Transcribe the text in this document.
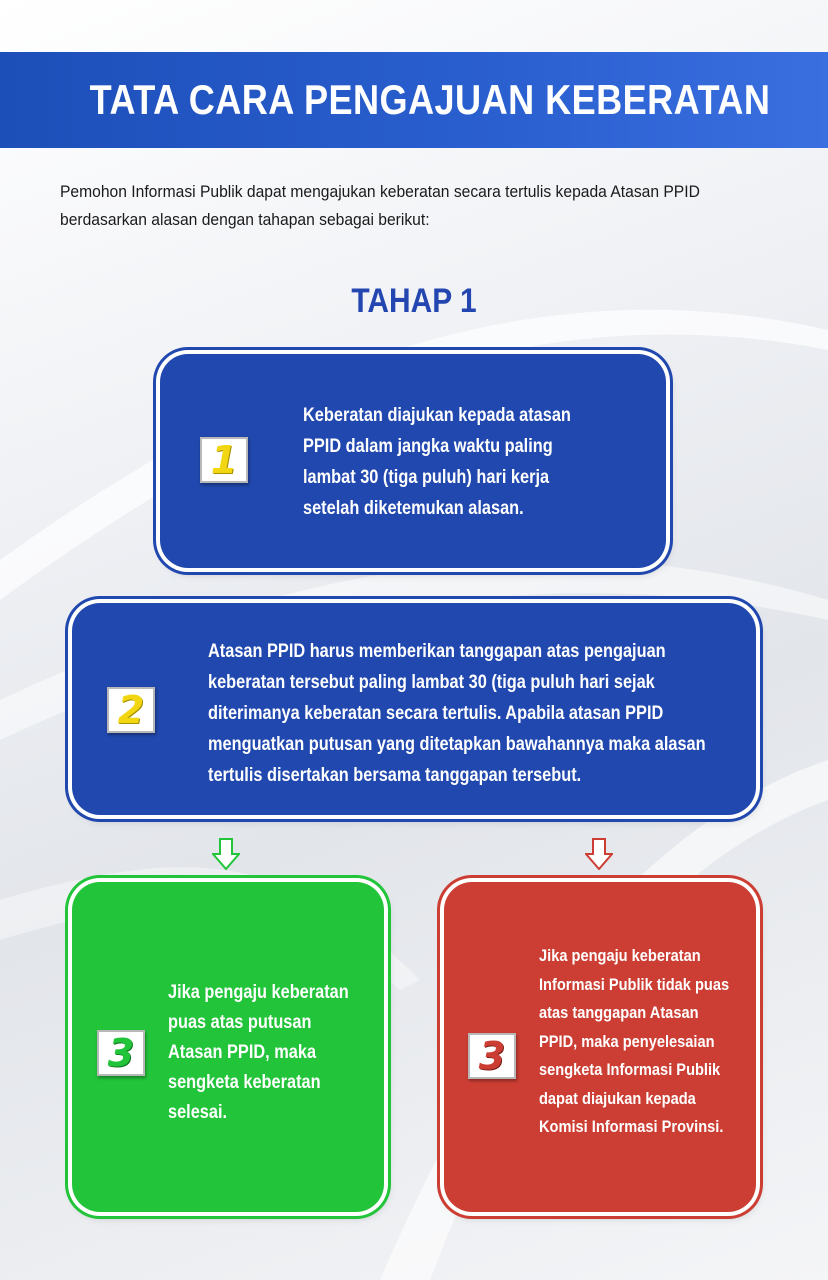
TATA CARA PENGAJUAN KEBERATAN
Pemohon Informasi Publik dapat mengajukan keberatan secara tertulis kepada Atasan PPID berdasarkan alasan dengan tahapan sebagai berikut:
TAHAP 1
1
Keberatan diajukan kepada atasan PPID dalam jangka waktu paling lambat 30 (tiga puluh) hari kerja setelah diketemukan alasan.
2
Atasan PPID harus memberikan tanggapan atas pengajuan keberatan tersebut paling lambat 30 (tiga puluh hari sejak diterimanya keberatan secara tertulis. Apabila atasan PPID menguatkan putusan yang ditetapkan bawahannya maka alasan tertulis disertakan bersama tanggapan tersebut.
3
Jika pengaju keberatan puas atas putusan Atasan PPID, maka sengketa keberatan selesai.
3
Jika pengaju keberatan Informasi Publik tidak puas atas tanggapan Atasan PPID, maka penyelesaian sengketa Informasi Publik dapat diajukan kepada Komisi Informasi Provinsi.
